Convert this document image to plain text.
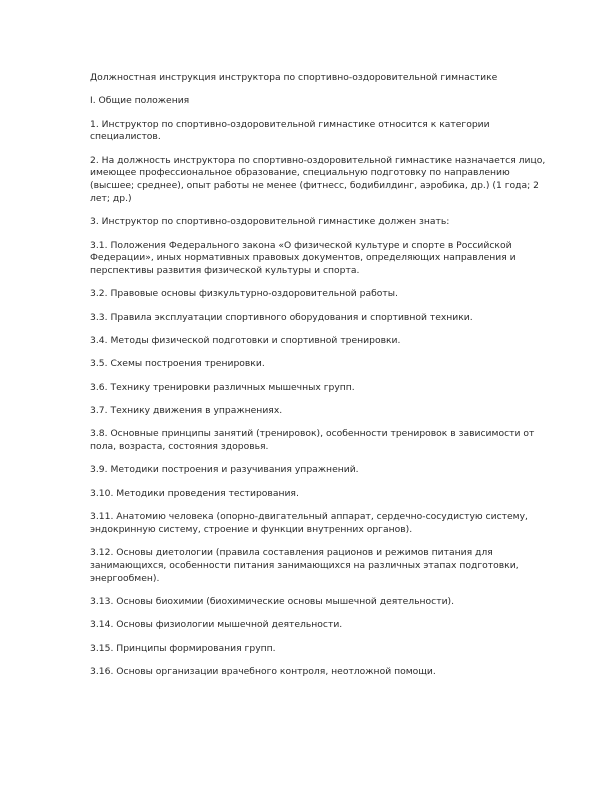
Должностная инструкция инструктора по спортивно-оздоровительной гимнастике
I. Общие положения
1. Инструктор по спортивно-оздоровительной гимнастике относится к категории
специалистов.
2. На должность инструктора по спортивно-оздоровительной гимнастике назначается лицо,
имеющее профессиональное образование, специальную подготовку по направлению
(высшее; среднее), опыт работы не менее (фитнесс, бодибилдинг, аэробика, др.) (1 года; 2
лет; др.)
3. Инструктор по спортивно-оздоровительной гимнастике должен знать:
3.1. Положения Федерального закона «О физической культуре и спорте в Российской
Федерации», иных нормативных правовых документов, определяющих направления и
перспективы развития физической культуры и спорта.
3.2. Правовые основы физкультурно-оздоровительной работы.
3.3. Правила эксплуатации спортивного оборудования и спортивной техники.
3.4. Методы физической подготовки и спортивной тренировки.
3.5. Схемы построения тренировки.
3.6. Технику тренировки различных мышечных групп.
3.7. Технику движения в упражнениях.
3.8. Основные принципы занятий (тренировок), особенности тренировок в зависимости от
пола, возраста, состояния здоровья.
3.9. Методики построения и разучивания упражнений.
3.10. Методики проведения тестирования.
3.11. Анатомию человека (опорно-двигательный аппарат, сердечно-сосудистую систему,
эндокринную систему, строение и функции внутренних органов).
3.12. Основы диетологии (правила составления рационов и режимов питания для
занимающихся, особенности питания занимающихся на различных этапах подготовки,
энергообмен).
3.13. Основы биохимии (биохимические основы мышечной деятельности).
3.14. Основы физиологии мышечной деятельности.
3.15. Принципы формирования групп.
3.16. Основы организации врачебного контроля, неотложной помощи.
